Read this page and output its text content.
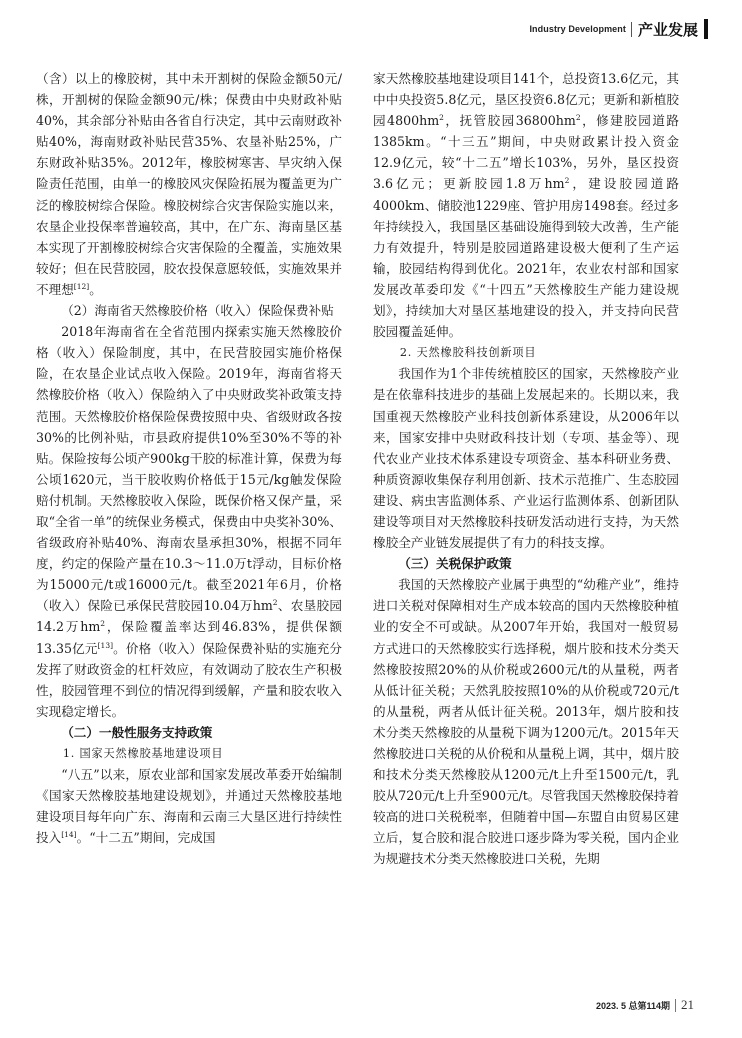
Industry Development 产业发展

（含）以上的橡胶树，其中未开割树的保险金额50元/株，开割树的保险金额90元/株；保费由中央财政补贴40%，其余部分补贴由各省自行决定，其中云南财政补贴40%，海南财政补贴民营35%、农垦补贴25%，广东财政补贴35%。2012年，橡胶树寒害、旱灾纳入保险责任范围，由单一的橡胶风灾保险拓展为覆盖更为广泛的橡胶树综合保险。橡胶树综合灾害保险实施以来，农垦企业投保率普遍较高，其中，在广东、海南垦区基本实现了开割橡胶树综合灾害保险的全覆盖，实施效果较好；但在民营胶园，胶农投保意愿较低，实施效果并不理想[12]。

（2）海南省天然橡胶价格（收入）保险保费补贴

2018年海南省在全省范围内探索实施天然橡胶价格（收入）保险制度，其中，在民营胶园实施价格保险，在农垦企业试点收入保险。2019年，海南省将天然橡胶价格（收入）保险纳入了中央财政奖补政策支持范围。天然橡胶价格保险保费按照中央、省级财政各按30%的比例补贴，市县政府提供10%至30%不等的补贴。保险按每公顷产900kg干胶的标准计算，保费为每公顷1620元，当干胶收购价格低于15元/kg触发保险赔付机制。天然橡胶收入保险，既保价格又保产量，采取“全省一单”的统保业务模式，保费由中央奖补30%、省级政府补贴40%、海南农垦承担30%，根据不同年度，约定的保险产量在10.3～11.0万t浮动，目标价格为15000元/t或16000元/t。截至2021年6月，价格（收入）保险已承保民营胶园10.04万$hm^2$、农垦胶园14.2万$hm^2$，保险覆盖率达到46.83%，提供保额13.35亿元[13]。价格（收入）保险保费补贴的实施充分发挥了财政资金的杠杆效应，有效调动了胶农生产积极性，胶园管理不到位的情况得到缓解，产量和胶农收入实现稳定增长。

（二）一般性服务支持政策

1. 国家天然橡胶基地建设项目

“八五”以来，原农业部和国家发展改革委开始编制《国家天然橡胶基地建设规划》，并通过天然橡胶基地建设项目每年向广东、海南和云南三大垦区进行持续性投入[14]。“十二五”期间，完成国

家天然橡胶基地建设项目141个，总投资13.6亿元，其中中央投资5.8亿元，垦区投资6.8亿元；更新和新植胶园$4800hm^2$，抚管胶园$36800hm^2$，修建胶园道路1385km。“十三五”期间，中央财政累计投入资金12.9亿元，较“十二五”增长103%，另外，垦区投资3.6亿元；更新胶园1.8万$hm^2$，建设胶园道路4000km、储胶池1229座、管护用房1498套。经过多年持续投入，我国垦区基础设施得到较大改善，生产能力有效提升，特别是胶园道路建设极大便利了生产运输，胶园结构得到优化。2021年，农业农村部和国家发展改革委印发《“十四五”天然橡胶生产能力建设规划》，持续加大对垦区基地建设的投入，并支持向民营胶园覆盖延伸。

2. 天然橡胶科技创新项目

我国作为1个非传统植胶区的国家，天然橡胶产业是在依靠科技进步的基础上发展起来的。长期以来，我国重视天然橡胶产业科技创新体系建设，从2006年以来，国家安排中央财政科技计划（专项、基金等）、现代农业产业技术体系建设专项资金、基本科研业务费、种质资源收集保存利用创新、技术示范推广、生态胶园建设、病虫害监测体系、产业运行监测体系、创新团队建设等项目对天然橡胶科技研发活动进行支持，为天然橡胶全产业链发展提供了有力的科技支撑。

（三）关税保护政策

我国的天然橡胶产业属于典型的“幼稚产业”，维持进口关税对保障相对生产成本较高的国内天然橡胶种植业的安全不可或缺。从2007年开始，我国对一般贸易方式进口的天然橡胶实行选择税，烟片胶和技术分类天然橡胶按照20%的从价税或2600元/t的从量税，两者从低计征关税；天然乳胶按照10%的从价税或720元/t的从量税，两者从低计征关税。2013年，烟片胶和技术分类天然橡胶的从量税下调为1200元/t。2015年天然橡胶进口关税的从价税和从量税上调，其中，烟片胶和技术分类天然橡胶从1200元/t上升至1500元/t，乳胶从720元/t上升至900元/t。尽管我国天然橡胶保持着较高的进口关税税率，但随着中国—东盟自由贸易区建立后，复合胶和混合胶进口逐步降为零关税，国内企业为规避技术分类天然橡胶进口关税，先期

2023. 5 总第114期 21
